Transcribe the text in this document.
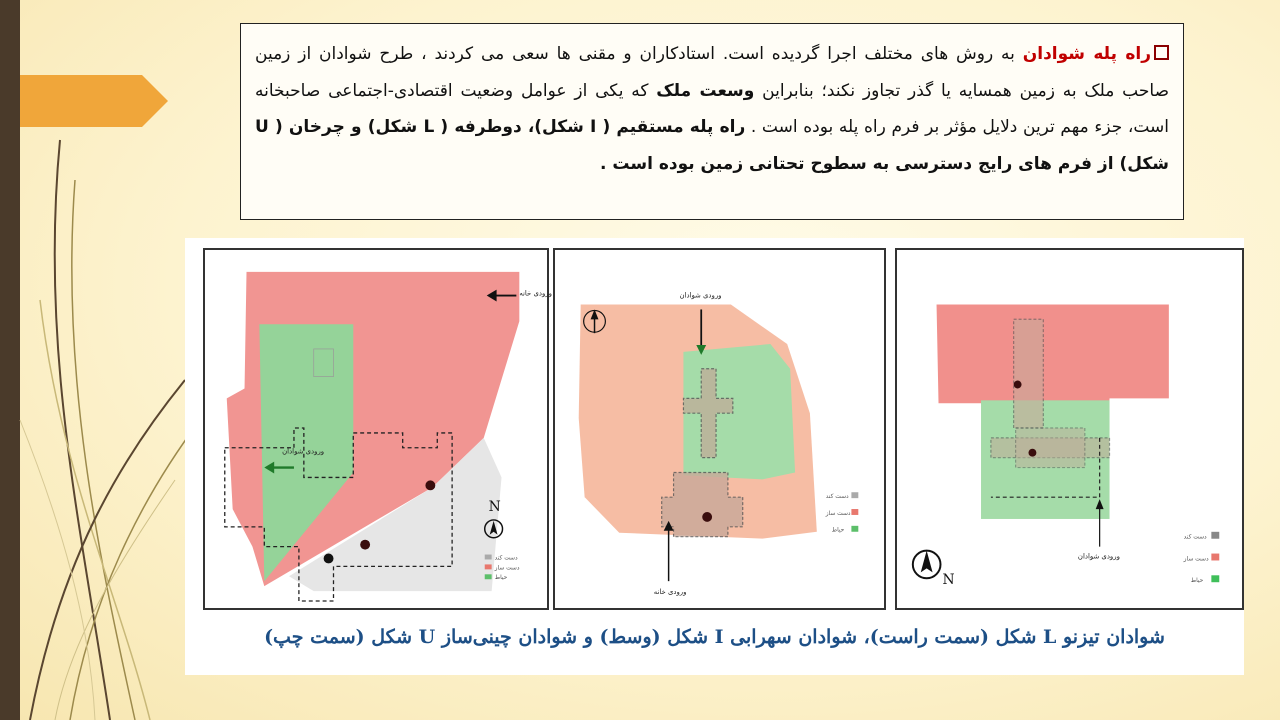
راه پله شوادان به روش های مختلف اجرا گردیده است. استادکاران و مقنی ها سعی می کردند ، طرح شوادان از زمین صاحب ملک به زمین همسایه یا گذر تجاوز نکند؛ بنابراین وسعت ملک که یکی از عوامل وضعیت اقتصادی-اجتماعی صاحبخانه است، جزء مهم ترین دلایل مؤثر بر فرم راه پله بوده است . راه پله مستقیم ( I شکل)، دوطرفه ( L شکل) و چرخان ( U شکل) از فرم های رایج دسترسی به سطوح تحتانی زمین بوده است .
ورودی شوادان
ورودی خانه
N
دست کند
دست ساز
حیاط
ورودی شوادان
ورودی خانه
دست کند
دست ساز
حیاط
ورودی شوادان
N
دست کند
دست ساز
حیاط
شوادان تیزنو L شکل (سمت راست)، شوادان سهرابی I شکل (وسط) و شوادان چینی‌ساز U شکل (سمت چپ)
